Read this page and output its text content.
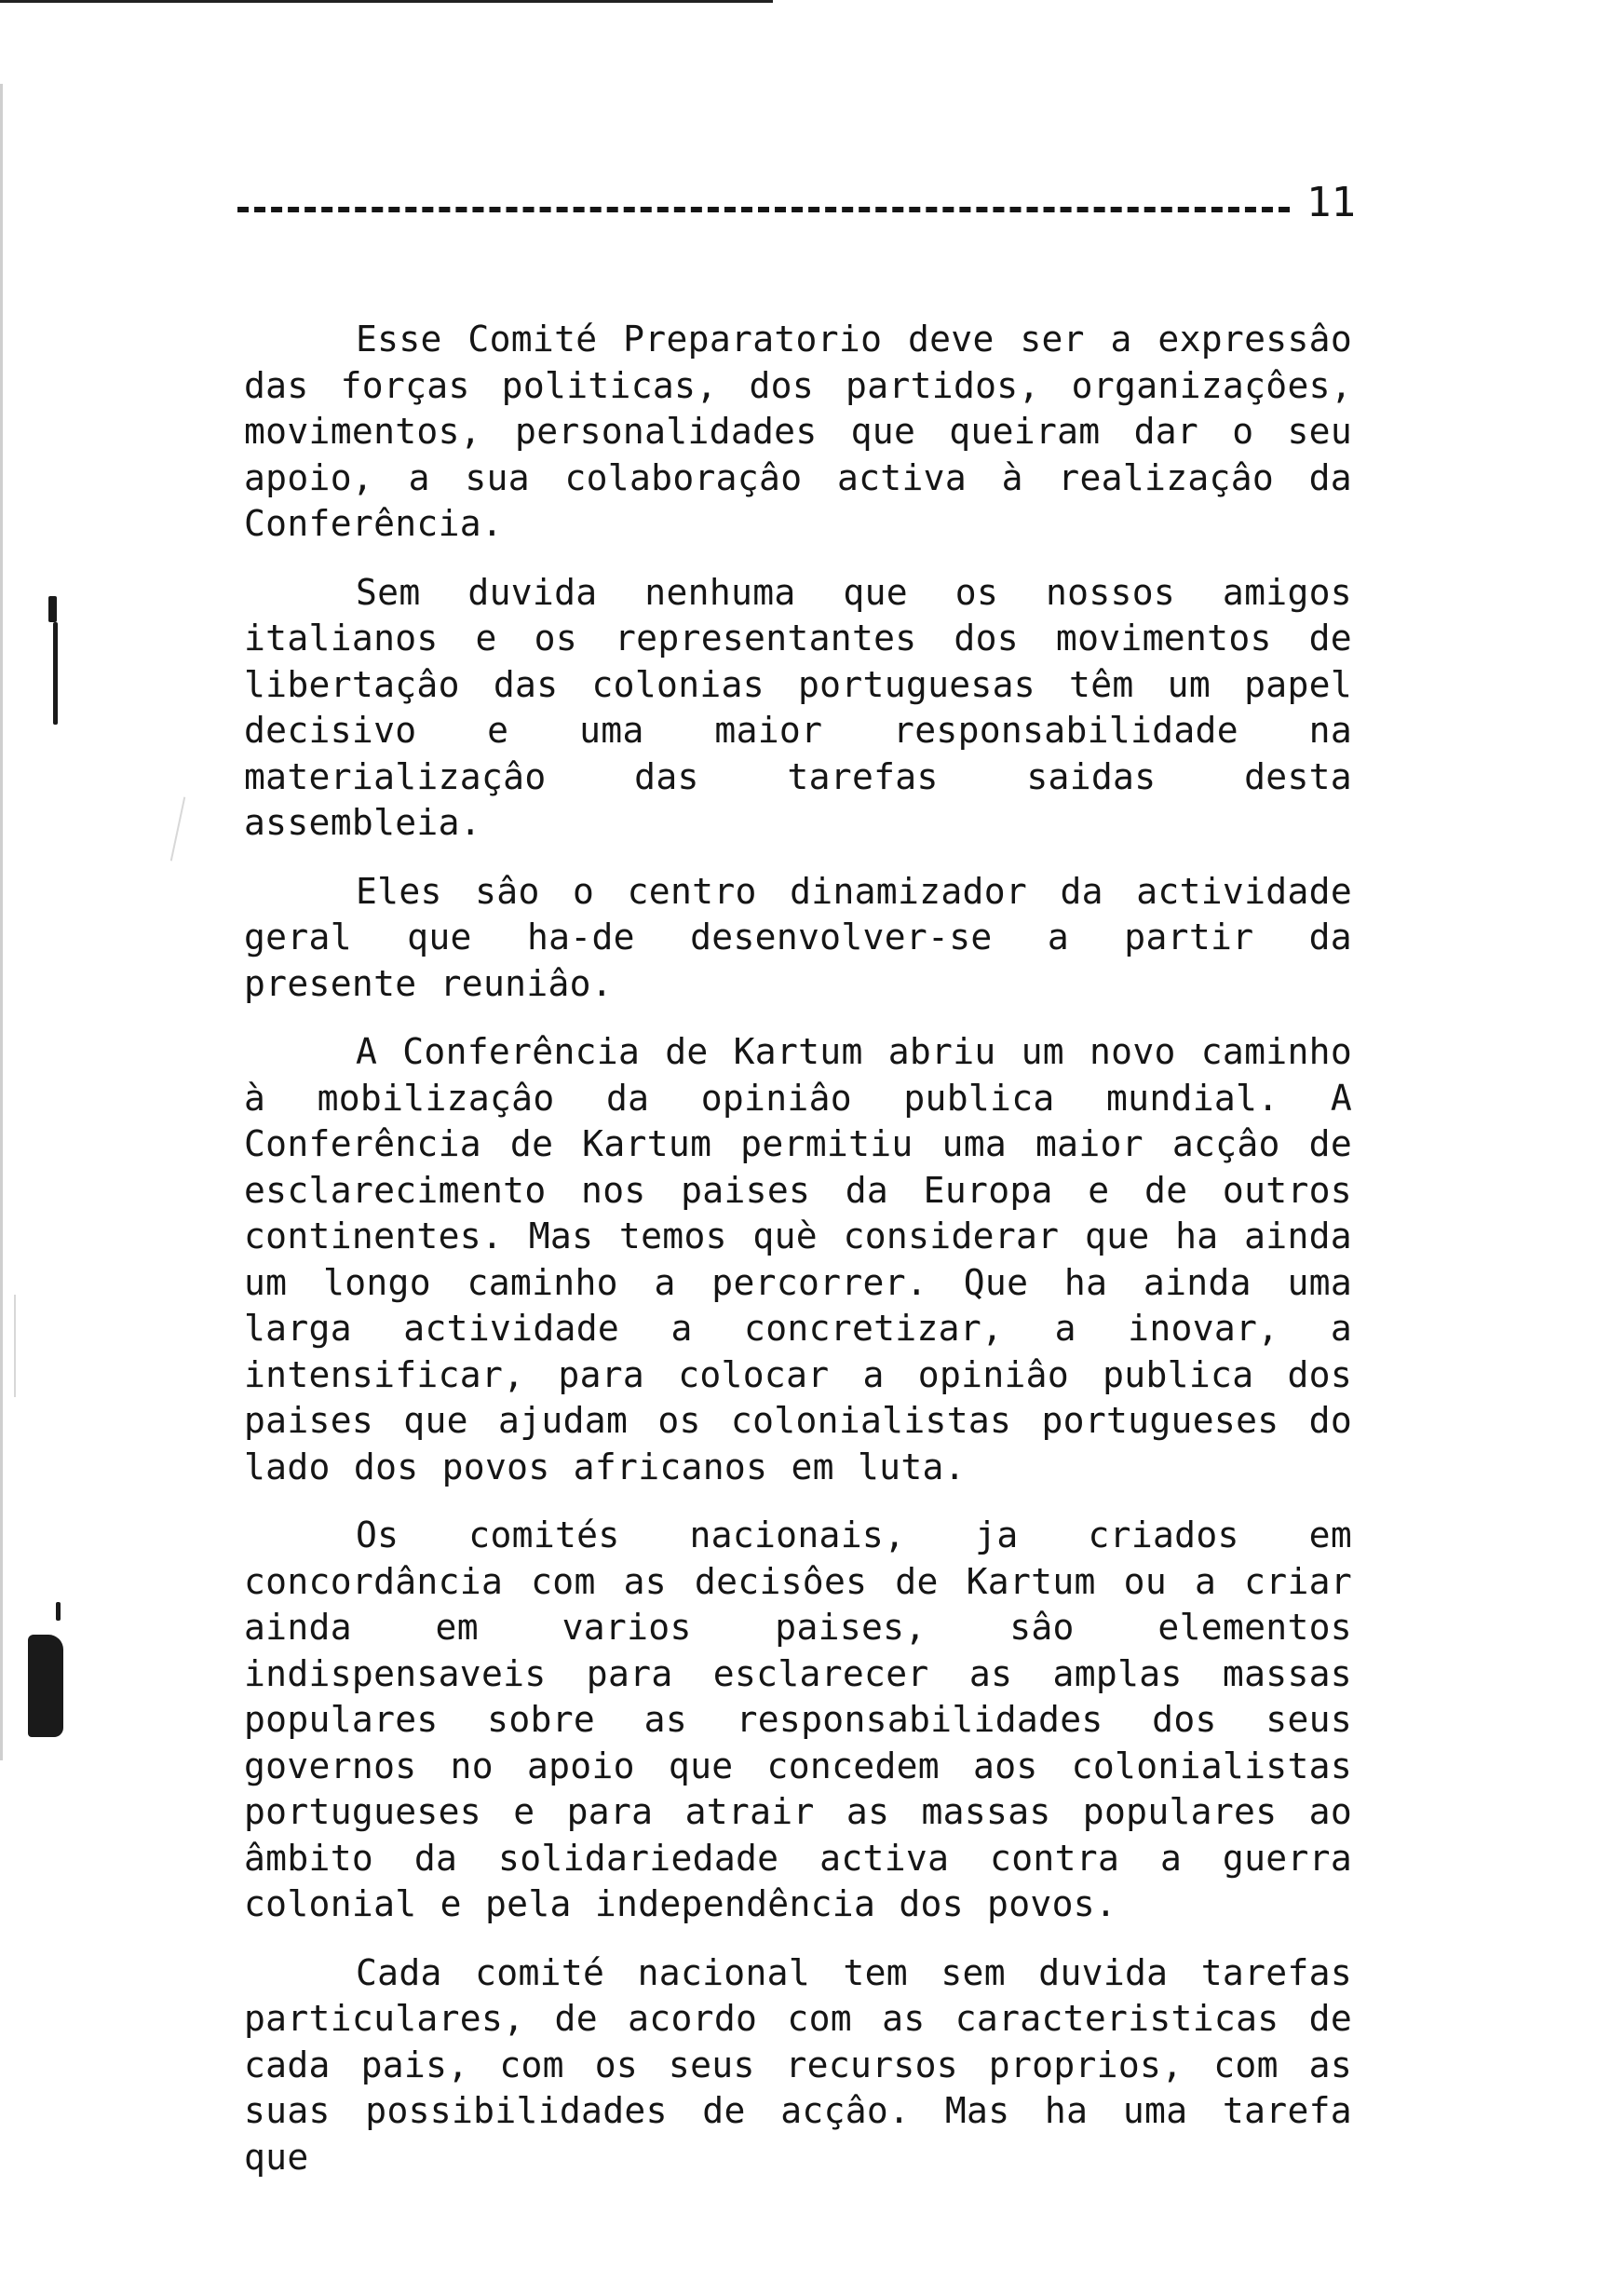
11

Esse Comité Preparatorio deve ser a expressâo das forças politicas, dos partidos, organizaçôes, movimentos, personalidades que queiram dar o seu apoio, a sua colaboraçâo activa à realizaçâo da Conferência.

Sem duvida nenhuma que os nossos amigos italianos e os representantes dos movimentos de libertaçâo das colonias portuguesas têm um papel decisivo e uma maior responsabilidade na materializaçâo das tarefas saidas desta assembleia.

Eles sâo o centro dinamizador da actividade geral que ha-de desenvolver-se a partir da presente reuniâo.

A Conferência de Kartum abriu um novo caminho à mobilizaçâo da opiniâo publica mundial. A Conferência de Kartum permitiu uma maior acçâo de esclarecimento nos paises da Europa e de outros continentes. Mas temos què considerar que ha ainda um longo caminho a percorrer. Que ha ainda uma larga actividade a concretizar, a inovar, a intensificar, para colocar a opiniâo publica dos paises que ajudam os colonialistas portugueses do lado dos povos africanos em luta.

Os comités nacionais, ja criados em concordância com as decisôes de Kartum ou a criar ainda em varios paises, sâo elementos indispensaveis para esclarecer as amplas massas populares sobre as responsabilidades dos seus governos no apoio que concedem aos colonialistas portugueses e para atrair as massas populares ao âmbito da solidariedade activa contra a guerra colonial e pela independência dos povos.

Cada comité nacional tem sem duvida tarefas particulares, de acordo com as caracteristicas de cada pais, com os seus recursos proprios, com as suas possibilidades de acçâo. Mas ha uma tarefa que
